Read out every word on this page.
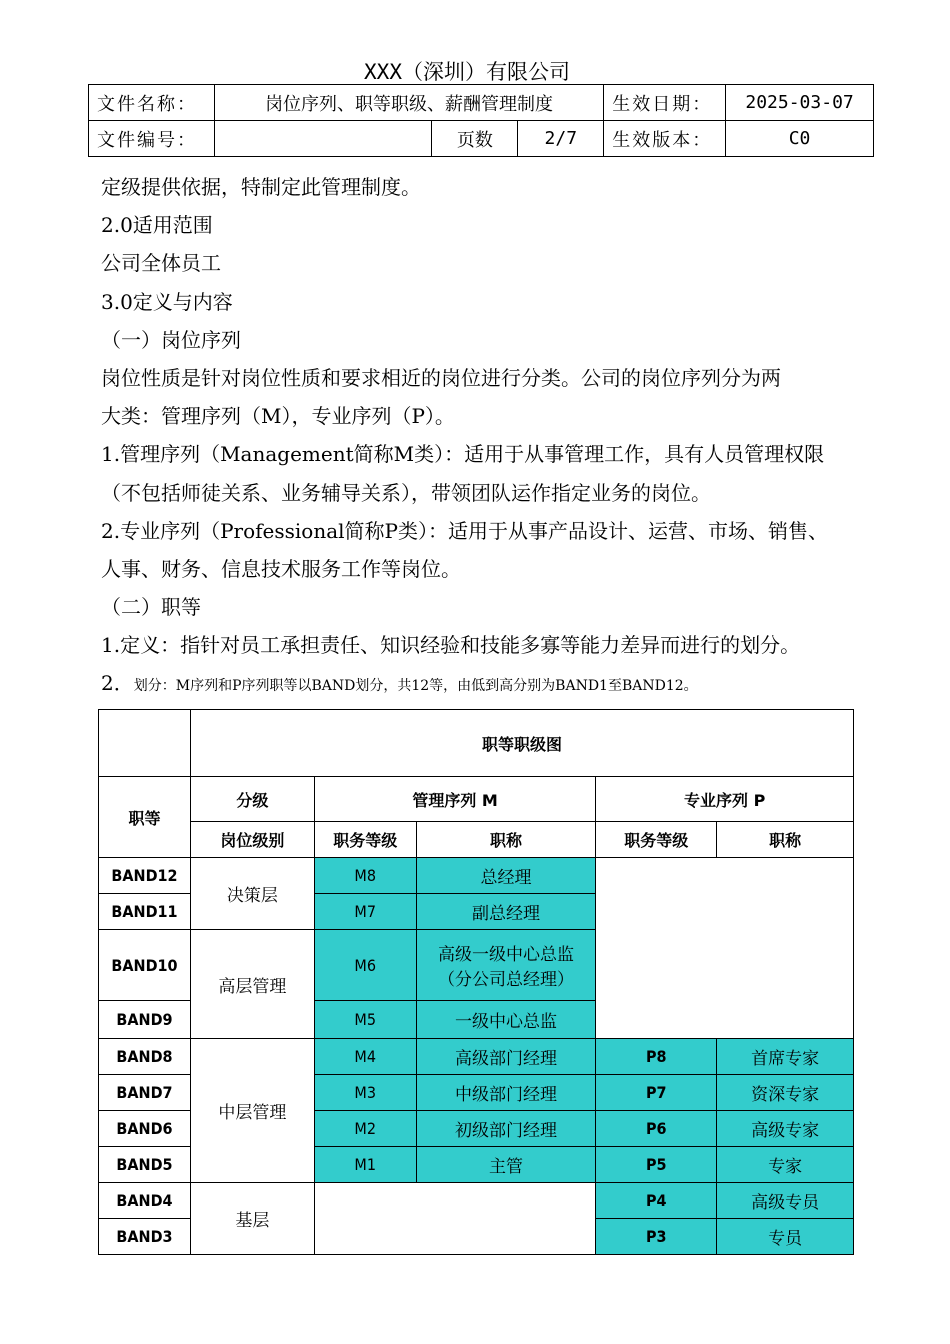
XXX（深圳）有限公司
文件名称：	岗位序列、职等职级、薪酬管理制度			生效日期：	2025-03-07
文件编号：		页数	2/7	生效版本：	C0

定级提供依据，特制定此管理制度。

2.0适用范围

公司全体员工

3.0定义与内容

（一）岗位序列

岗位性质是针对岗位性质和要求相近的岗位进行分类。公司的岗位序列分为两

大类：管理序列（M），专业序列（P）。

1.管理序列（Management简称M类）：适用于从事管理工作，具有人员管理权限

（不包括师徒关系、业务辅导关系），带领团队运作指定业务的岗位。

2.专业序列（Professional简称P类）：适用于从事产品设计、运营、市场、销售、

人事、财务、信息技术服务工作等岗位。

（二）职等

1.定义：指针对员工承担责任、知识经验和技能多寡等能力差异而进行的划分。

2．划分：M序列和P序列职等以BAND划分，共12等，由低到高分别为BAND1至BAND12。

	职等职级图				
职等	分级	管理序列 M		专业序列 P	
	岗位级别	职务等级	职称	职务等级	职称
BAND12	决策层	M8	总经理		
BAND11		M7	副总经理		
BAND10	高层管理	M6	高级一级中心总监
（分公司总经理）		

BAND9		M5	一级中心总监		
BAND8	中层管理	M4	高级部门经理	P8	首席专家
BAND7		M3	中级部门经理	P7	资深专家
BAND6		M2	初级部门经理	P6	高级专家
BAND5		M1	主管	P5	专家
BAND4	基层			P4	高级专员
BAND3				P3	专员
